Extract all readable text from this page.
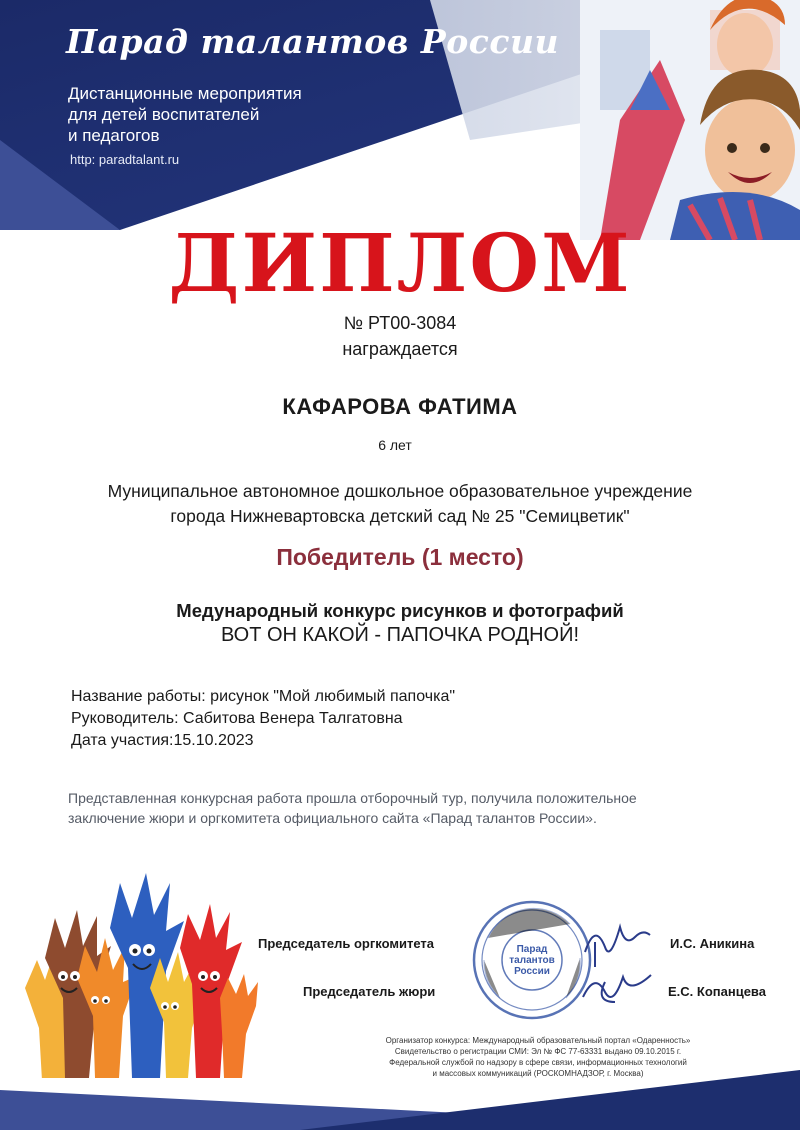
Парад талантов России
Дистанционные мероприятия
для детей воспитателей
и педагогов
http: paradtalant.ru
ДИПЛОМ
№ РТ00-3084
награждается
КАФАРОВА ФАТИМА
6 лет
Муниципальное автономное дошкольное образовательное учреждение
города Нижневартовска детский сад № 25 "Семицветик"
Победитель (1 место)
Медународный конкурс рисунков и фотографий
ВОТ ОН КАКОЙ - ПАПОЧКА РОДНОЙ!
Название работы: рисунок "Мой любимый папочка"
Руководитель: Сабитова Венера Талгатовна
Дата участия:15.10.2023
Представленная конкурсная работа прошла отборочный тур, получила положительное
заключение жюри и оргкомитета официального сайта «Парад талантов России».
Председатель оргкомитета
Председатель жюри
И.С. Аникина
Е.С. Копанцева
Парад
талантов
России
Организатор конкурса: Международный образовательный портал «Одаренность»
Свидетельство о регистрации СМИ: Эл № ФС 77-63331 выдано 09.10.2015 г.
Федеральной службой по надзору в сфере связи, информационных технологий
и массовых коммуникаций (РОСКОМНАДЗОР, г. Москва)
